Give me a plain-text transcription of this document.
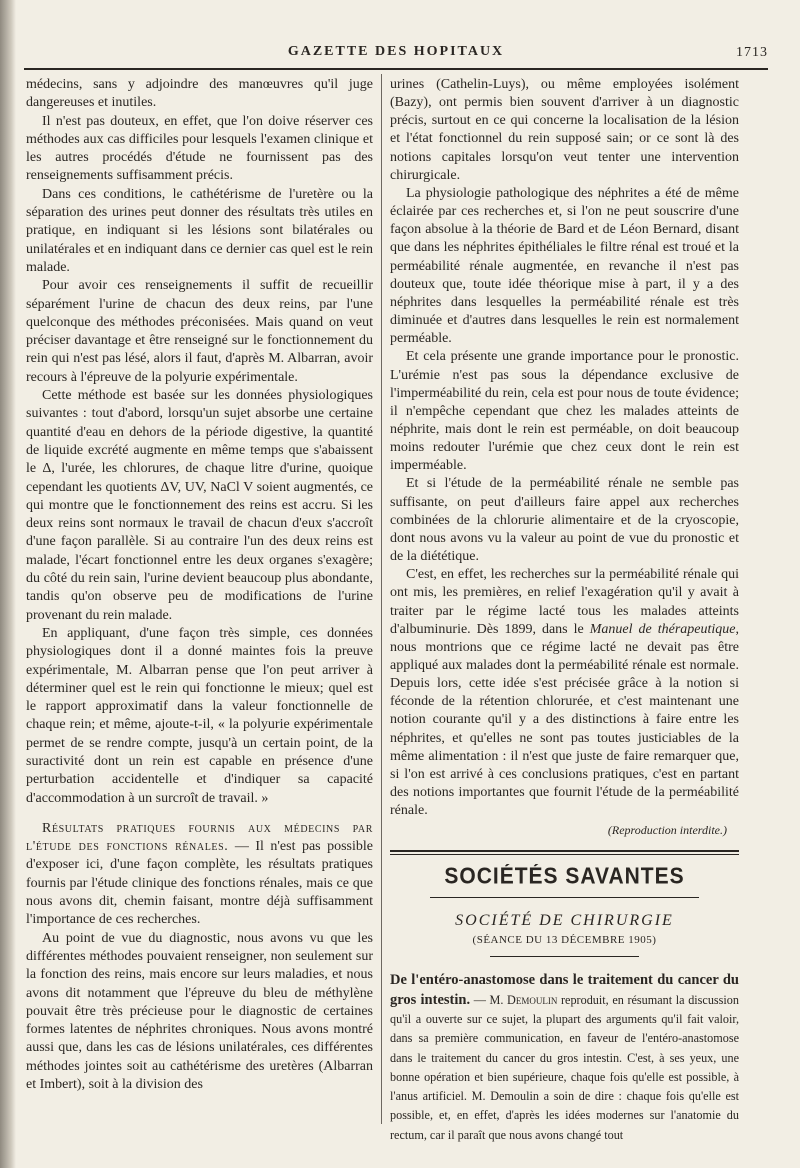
GAZETTE DES HOPITAUX	1713

médecins, sans y adjoindre des manœuvres qu'il juge dangereuses et inutiles.

Il n'est pas douteux, en effet, que l'on doive réserver ces méthodes aux cas difficiles pour lesquels l'examen clinique et les autres procédés d'étude ne fournissent pas des renseignements suffisamment précis.

Dans ces conditions, le cathétérisme de l'uretère ou la séparation des urines peut donner des résultats très utiles en pratique, en indiquant si les lésions sont bilatérales ou unilatérales et en indiquant dans ce dernier cas quel est le rein malade.

Pour avoir ces renseignements il suffit de recueillir séparément l'urine de chacun des deux reins, par l'une quelconque des méthodes préconisées. Mais quand on veut préciser davantage et être renseigné sur le fonctionnement du rein qui n'est pas lésé, alors il faut, d'après M. Albarran, avoir recours à l'épreuve de la polyurie expérimentale.

Cette méthode est basée sur les données physiologiques suivantes : tout d'abord, lorsqu'un sujet absorbe une certaine quantité d'eau en dehors de la période digestive, la quantité de liquide excrété augmente en même temps que s'abaissent le Δ, l'urée, les chlorures, de chaque litre d'urine, quoique cependant les quotients ΔV, UV, NaCl V soient augmentés, ce qui montre que le fonctionnement des reins est accru. Si les deux reins sont normaux le travail de chacun d'eux s'accroît d'une façon parallèle. Si au contraire l'un des deux reins est malade, l'écart fonctionnel entre les deux organes s'exagère; du côté du rein sain, l'urine devient beaucoup plus abondante, tandis qu'on observe peu de modifications de l'urine provenant du rein malade.

En appliquant, d'une façon très simple, ces données physiologiques dont il a donné maintes fois la preuve expérimentale, M. Albarran pense que l'on peut arriver à déterminer quel est le rein qui fonctionne le mieux; quel est le rapport approximatif dans la valeur fonctionnelle de chaque rein; et même, ajoute-t-il, « la polyurie expérimentale permet de se rendre compte, jusqu'à un certain point, de la suractivité dont un rein est capable en présence d'une perturbation accidentelle et d'indiquer sa capacité d'accommodation à un surcroît de travail. »

Résultats pratiques fournis aux médecins par l'étude des fonctions rénales. — Il n'est pas possible d'exposer ici, d'une façon complète, les résultats pratiques fournis par l'étude clinique des fonctions rénales, mais ce que nous avons dit, chemin faisant, montre déjà suffisamment l'importance de ces recherches.

Au point de vue du diagnostic, nous avons vu que les différentes méthodes pouvaient renseigner, non seulement sur la fonction des reins, mais encore sur leurs maladies, et nous avons dit notamment que l'épreuve du bleu de méthylène pouvait être très précieuse pour le diagnostic de certaines formes latentes de néphrites chroniques. Nous avons montré aussi que, dans les cas de lésions unilatérales, ces différentes méthodes jointes soit au cathétérisme des uretères (Albarran et Imbert), soit à la division des

urines (Cathelin-Luys), ou même employées isolément (Bazy), ont permis bien souvent d'arriver à un diagnostic précis, surtout en ce qui concerne la localisation de la lésion et l'état fonctionnel du rein supposé sain; or ce sont là des notions capitales lorsqu'on veut tenter une intervention chirurgicale.

La physiologie pathologique des néphrites a été de même éclairée par ces recherches et, si l'on ne peut souscrire d'une façon absolue à la théorie de Bard et de Léon Bernard, disant que dans les néphrites épithéliales le filtre rénal est troué et la perméabilité rénale augmentée, en revanche il n'est pas douteux que, toute idée théorique mise à part, il y a des néphrites dans lesquelles la perméabilité rénale est très diminuée et d'autres dans lesquelles le rein est normalement perméable.

Et cela présente une grande importance pour le pronostic. L'urémie n'est pas sous la dépendance exclusive de l'imperméabilité du rein, cela est pour nous de toute évidence; il n'empêche cependant que chez les malades atteints de néphrite, mais dont le rein est perméable, on doit beaucoup moins redouter l'urémie que chez ceux dont le rein est imperméable.

Et si l'étude de la perméabilité rénale ne semble pas suffisante, on peut d'ailleurs faire appel aux recherches combinées de la chlorurie alimentaire et de la cryoscopie, dont nous avons vu la valeur au point de vue du pronostic et de la diététique.

C'est, en effet, les recherches sur la perméabilité rénale qui ont mis, les premières, en relief l'exagération qu'il y avait à traiter par le régime lacté tous les malades atteints d'albuminurie. Dès 1899, dans le Manuel de thérapeutique, nous montrions que ce régime lacté ne devait pas être appliqué aux malades dont la perméabilité rénale est normale. Depuis lors, cette idée s'est précisée grâce à la notion si féconde de la rétention chlorurée, et c'est maintenant une notion courante qu'il y a des distinctions à faire entre les néphrites, et qu'elles ne sont pas toutes justiciables de la même alimentation : il n'est que juste de faire remarquer que, si l'on est arrivé à ces conclusions pratiques, c'est en partant des notions importantes que fournit l'étude de la perméabilité rénale.

(Reproduction interdite.)
SOCIÉTÉS SAVANTES
SOCIÉTÉ DE CHIRURGIE
(SÉANCE DU 13 DÉCEMBRE 1905)

De l'entéro-anastomose dans le traitement du cancer du gros intestin. — M. Demoulin reproduit, en résumant la discussion qu'il a ouverte sur ce sujet, la plupart des arguments qu'il fait valoir, dans sa première communication, en faveur de l'entéro-anastomose dans le traitement du cancer du gros intestin. C'est, à ses yeux, une bonne opération et bien supérieure, chaque fois qu'elle est possible, à l'anus artificiel. M. Demoulin a soin de dire : chaque fois qu'elle est possible, et, en effet, d'après les idées modernes sur l'anatomie du rectum, car il paraît que nous avons changé tout
